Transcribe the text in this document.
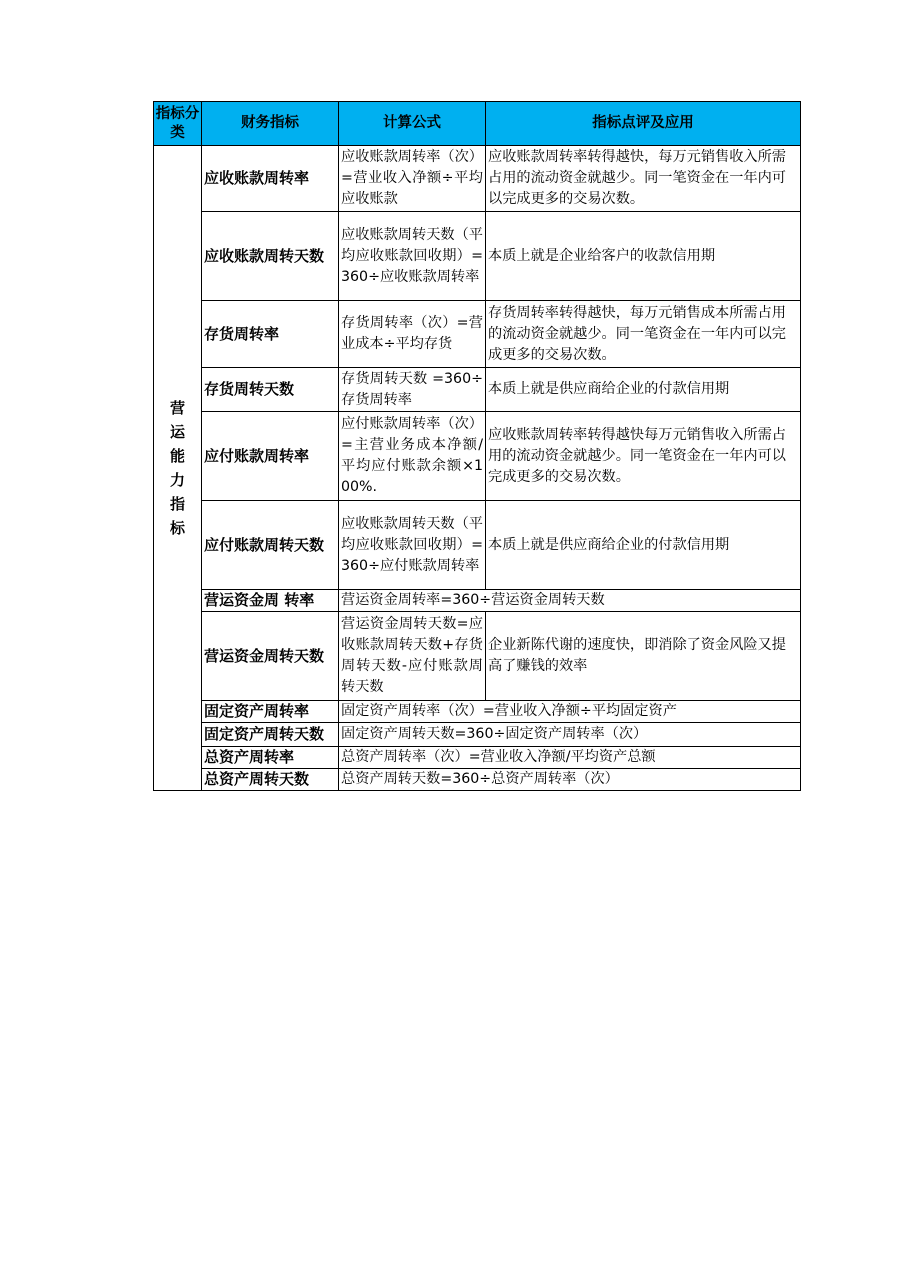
指标分类	财务指标	计算公式	指标点评及应用
营运能力指标	应收账款周转率	应收账款周转率（次）=营业收入净额÷平均应收账款	应收账款周转率转得越快，每万元销售收入所需占用的流动资金就越少。同一笔资金在一年内可以完成更多的交易次数。
	应收账款周转天数	应收账款周转天数（平均应收账款回收期）=360÷应收账款周转率	本质上就是企业给客户的收款信用期
	存货周转率	存货周转率（次）=营业成本÷平均存货	存货周转率转得越快，每万元销售成本所需占用的流动资金就越少。同一笔资金在一年内可以完成更多的交易次数。
	存货周转天数	存货周转天数 =360÷存货周转率	本质上就是供应商给企业的付款信用期
	应付账款周转率	应付账款周转率（次）=主营业务成本净额/平均应付账款余额×100%.	应收账款周转率转得越快每万元销售收入所需占用的流动资金就越少。同一笔资金在一年内可以完成更多的交易次数。
	应付账款周转天数	应收账款周转天数（平均应收账款回收期）=360÷应付账款周转率	本质上就是供应商给企业的付款信用期
	营运资金周 转率	营运资金周转率=360÷营运资金周转天数	
	营运资金周转天数	营运资金周转天数=应收账款周转天数+存货周转天数-应付账款周转天数	企业新陈代谢的速度快，即消除了资金风险又提高了赚钱的效率
	固定资产周转率	固定资产周转率（次）=营业收入净额÷平均固定资产	
	固定资产周转天数	固定资产周转天数=360÷固定资产周转率（次）	
	总资产周转率	总资产周转率（次）=营业收入净额/平均资产总额	
	总资产周转天数	总资产周转天数=360÷总资产周转率（次）	
